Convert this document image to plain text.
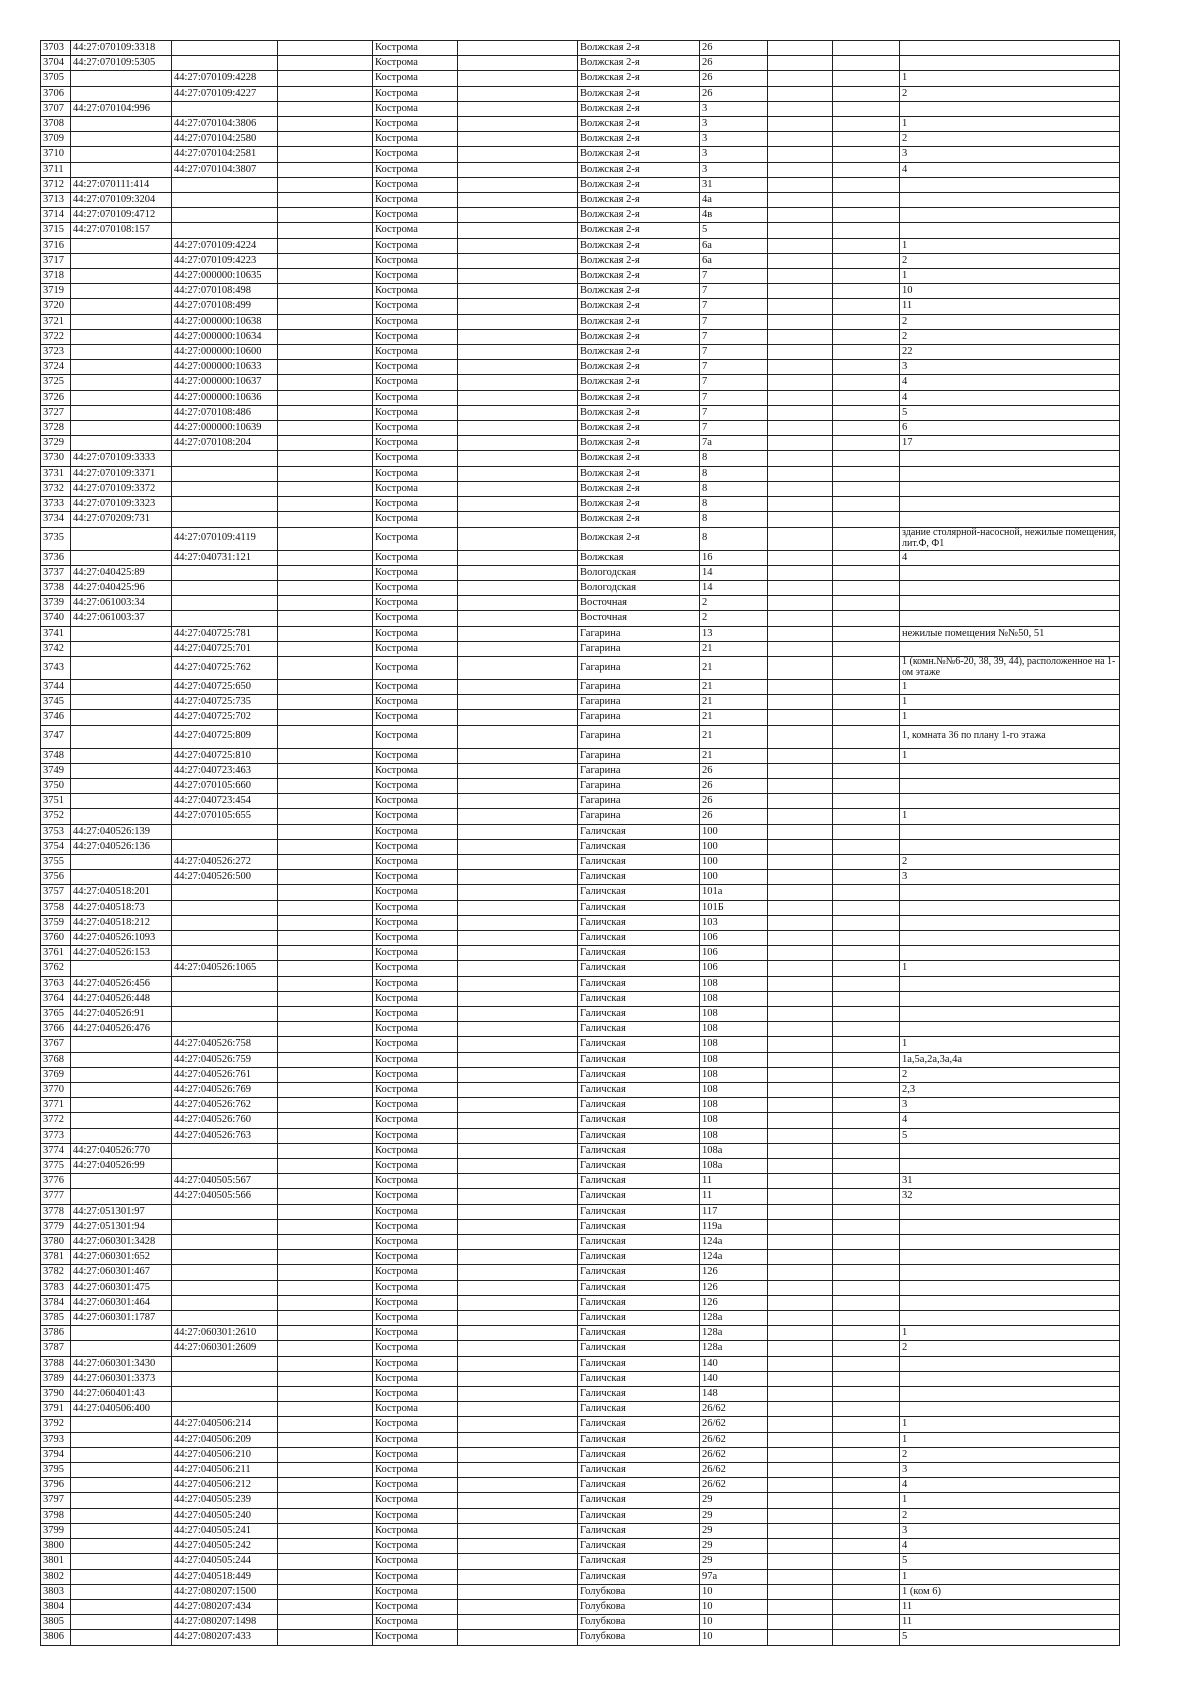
3703	44:27:070109:3318			Кострома		Волжская 2-я	26			
3704	44:27:070109:5305			Кострома		Волжская 2-я	26			
3705		44:27:070109:4228		Кострома		Волжская 2-я	26			1
3706		44:27:070109:4227		Кострома		Волжская 2-я	26			2
3707	44:27:070104:996			Кострома		Волжская 2-я	3			
3708		44:27:070104:3806		Кострома		Волжская 2-я	3			1
3709		44:27:070104:2580		Кострома		Волжская 2-я	3			2
3710		44:27:070104:2581		Кострома		Волжская 2-я	3			3
3711		44:27:070104:3807		Кострома		Волжская 2-я	3			4
3712	44:27:070111:414			Кострома		Волжская 2-я	31			
3713	44:27:070109:3204			Кострома		Волжская 2-я	4а			
3714	44:27:070109:4712			Кострома		Волжская 2-я	4в			
3715	44:27:070108:157			Кострома		Волжская 2-я	5			
3716		44:27:070109:4224		Кострома		Волжская 2-я	6а			1
3717		44:27:070109:4223		Кострома		Волжская 2-я	6а			2
3718		44:27:000000:10635		Кострома		Волжская 2-я	7			1
3719		44:27:070108:498		Кострома		Волжская 2-я	7			10
3720		44:27:070108:499		Кострома		Волжская 2-я	7			11
3721		44:27:000000:10638		Кострома		Волжская 2-я	7			2
3722		44:27:000000:10634		Кострома		Волжская 2-я	7			2
3723		44:27:000000:10600		Кострома		Волжская 2-я	7			22
3724		44:27:000000:10633		Кострома		Волжская 2-я	7			3
3725		44:27:000000:10637		Кострома		Волжская 2-я	7			4
3726		44:27:000000:10636		Кострома		Волжская 2-я	7			4
3727		44:27:070108:486		Кострома		Волжская 2-я	7			5
3728		44:27:000000:10639		Кострома		Волжская 2-я	7			6
3729		44:27:070108:204		Кострома		Волжская 2-я	7а			17
3730	44:27:070109:3333			Кострома		Волжская 2-я	8			
3731	44:27:070109:3371			Кострома		Волжская 2-я	8			
3732	44:27:070109:3372			Кострома		Волжская 2-я	8			
3733	44:27:070109:3323			Кострома		Волжская 2-я	8			
3734	44:27:070209:731			Кострома		Волжская 2-я	8			
3735		44:27:070109:4119		Кострома		Волжская 2-я	8			здание столярной-насосной, нежилые помещения, лит.Ф, Ф1
3736		44:27:040731:121		Кострома		Волжская	16			4
3737	44:27:040425:89			Кострома		Вологодская	14			
3738	44:27:040425:96			Кострома		Вологодская	14			
3739	44:27:061003:34			Кострома		Восточная	2			
3740	44:27:061003:37			Кострома		Восточная	2			
3741		44:27:040725:781		Кострома		Гагарина	13			нежилые помещения №№50, 51
3742		44:27:040725:701		Кострома		Гагарина	21			
3743		44:27:040725:762		Кострома		Гагарина	21			1 (комн.№№6-20, 38, 39, 44), расположенное на 1-ом этаже
3744		44:27:040725:650		Кострома		Гагарина	21			1
3745		44:27:040725:735		Кострома		Гагарина	21			1
3746		44:27:040725:702		Кострома		Гагарина	21			1
3747		44:27:040725:809		Кострома		Гагарина	21			1, комната 36 по плану 1-го этажа
3748		44:27:040725:810		Кострома		Гагарина	21			1
3749		44:27:040723:463		Кострома		Гагарина	26			
3750		44:27:070105:660		Кострома		Гагарина	26			
3751		44:27:040723:454		Кострома		Гагарина	26			
3752		44:27:070105:655		Кострома		Гагарина	26			1
3753	44:27:040526:139			Кострома		Галичская	100			
3754	44:27:040526:136			Кострома		Галичская	100			
3755		44:27:040526:272		Кострома		Галичская	100			2
3756		44:27:040526:500		Кострома		Галичская	100			3
3757	44:27:040518:201			Кострома		Галичская	101а			
3758	44:27:040518:73			Кострома		Галичская	101Б			
3759	44:27:040518:212			Кострома		Галичская	103			
3760	44:27:040526:1093			Кострома		Галичская	106			
3761	44:27:040526:153			Кострома		Галичская	106			
3762		44:27:040526:1065		Кострома		Галичская	106			1
3763	44:27:040526:456			Кострома		Галичская	108			
3764	44:27:040526:448			Кострома		Галичская	108			
3765	44:27:040526:91			Кострома		Галичская	108			
3766	44:27:040526:476			Кострома		Галичская	108			
3767		44:27:040526:758		Кострома		Галичская	108			1
3768		44:27:040526:759		Кострома		Галичская	108			1а,5а,2а,3а,4а
3769		44:27:040526:761		Кострома		Галичская	108			2
3770		44:27:040526:769		Кострома		Галичская	108			2,3
3771		44:27:040526:762		Кострома		Галичская	108			3
3772		44:27:040526:760		Кострома		Галичская	108			4
3773		44:27:040526:763		Кострома		Галичская	108			5
3774	44:27:040526:770			Кострома		Галичская	108а			
3775	44:27:040526:99			Кострома		Галичская	108а			
3776		44:27:040505:567		Кострома		Галичская	11			31
3777		44:27:040505:566		Кострома		Галичская	11			32
3778	44:27:051301:97			Кострома		Галичская	117			
3779	44:27:051301:94			Кострома		Галичская	119а			
3780	44:27:060301:3428			Кострома		Галичская	124а			
3781	44:27:060301:652			Кострома		Галичская	124а			
3782	44:27:060301:467			Кострома		Галичская	126			
3783	44:27:060301:475			Кострома		Галичская	126			
3784	44:27:060301:464			Кострома		Галичская	126			
3785	44:27:060301:1787			Кострома		Галичская	128а			
3786		44:27:060301:2610		Кострома		Галичская	128а			1
3787		44:27:060301:2609		Кострома		Галичская	128а			2
3788	44:27:060301:3430			Кострома		Галичская	140			
3789	44:27:060301:3373			Кострома		Галичская	140			
3790	44:27:060401:43			Кострома		Галичская	148			
3791	44:27:040506:400			Кострома		Галичская	26/62			
3792		44:27:040506:214		Кострома		Галичская	26/62			1
3793		44:27:040506:209		Кострома		Галичская	26/62			1
3794		44:27:040506:210		Кострома		Галичская	26/62			2
3795		44:27:040506:211		Кострома		Галичская	26/62			3
3796		44:27:040506:212		Кострома		Галичская	26/62			4
3797		44:27:040505:239		Кострома		Галичская	29			1
3798		44:27:040505:240		Кострома		Галичская	29			2
3799		44:27:040505:241		Кострома		Галичская	29			3
3800		44:27:040505:242		Кострома		Галичская	29			4
3801		44:27:040505:244		Кострома		Галичская	29			5
3802		44:27:040518:449		Кострома		Галичская	97а			1
3803		44:27:080207:1500		Кострома		Голубкова	10			1 (ком 6)
3804		44:27:080207:434		Кострома		Голубкова	10			11
3805		44:27:080207:1498		Кострома		Голубкова	10			11
3806		44:27:080207:433		Кострома		Голубкова	10			5
